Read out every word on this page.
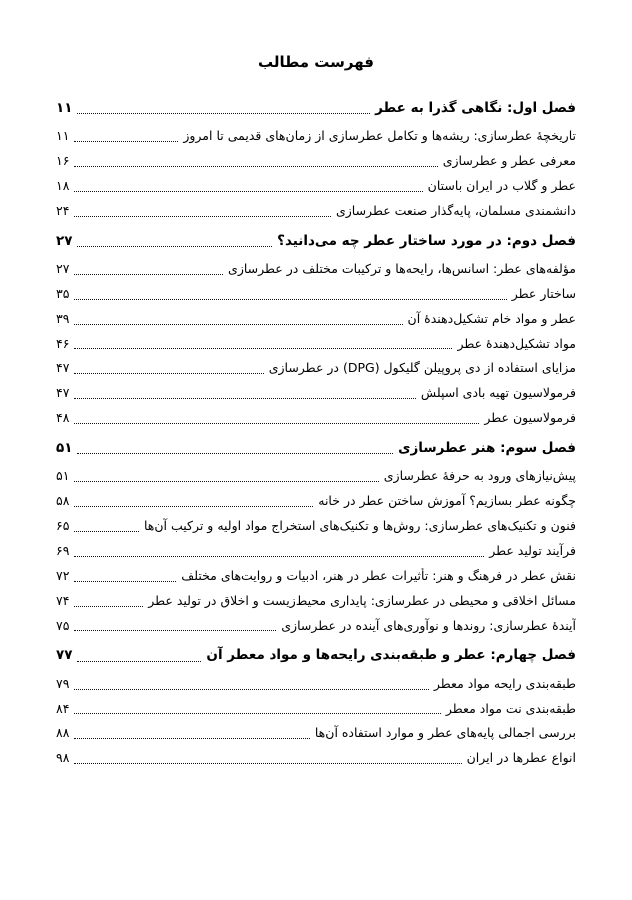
فهرست مطالب
فصل اول: نگاهی گذرا به عطر
۱۱
تاریخچهٔ عطرسازی: ریشه‌ها و تکامل عطرسازی از زمان‌های قدیمی تا امروز
۱۱
معرفی عطر و عطرسازی
۱۶
عطر و گلاب در ایران باستان
۱۸
دانشمندی مسلمان، پایه‌گذار صنعت عطرسازی
۲۴
فصل دوم: در مورد ساختار عطر چه می‌دانید؟
۲۷
مؤلفه‌های عطر: اسانس‌ها، رایحه‌ها و ترکیبات مختلف در عطرسازی
۲۷
ساختار عطر
۳۵
عطر و مواد خام تشکیل‌دهندهٔ آن
۳۹
مواد تشکیل‌دهندهٔ عطر
۴۶
مزایای استفاده از دی پروپیلن گلیکول (DPG) در عطرسازی
۴۷
فرمولاسیون تهیه بادی اسپلش
۴۷
فرمولاسیون عطر
۴۸
فصل سوم: هنر عطرسازی
۵۱
پیش‌نیازهای ورود به حرفهٔ عطرسازی
۵۱
چگونه عطر بسازیم؟ آموزش ساختن عطر در خانه
۵۸
فنون و تکنیک‌های عطرسازی: روش‌ها و تکنیک‌های استخراج مواد اولیه و ترکیب آن‌ها
۶۵
فرآیند تولید عطر
۶۹
نقش عطر در فرهنگ و هنر: تأثیرات عطر در هنر، ادبیات و روایت‌های مختلف
۷۲
مسائل اخلاقی و محیطی در عطرسازی: پایداری محیط‌زیست و اخلاق در تولید عطر
۷۴
آیندهٔ عطرسازی: روندها و نوآوری‌های آینده در عطرسازی
۷۵
فصل چهارم: عطر و طبقه‌بندی رایحه‌ها و مواد معطر آن
۷۷
طبقه‌بندی رایحه مواد معطر
۷۹
طبقه‌بندی نت مواد معطر
۸۴
بررسی اجمالی پایه‌های عطر و موارد استفاده آن‌ها
۸۸
انواع عطرها در ایران
۹۸
